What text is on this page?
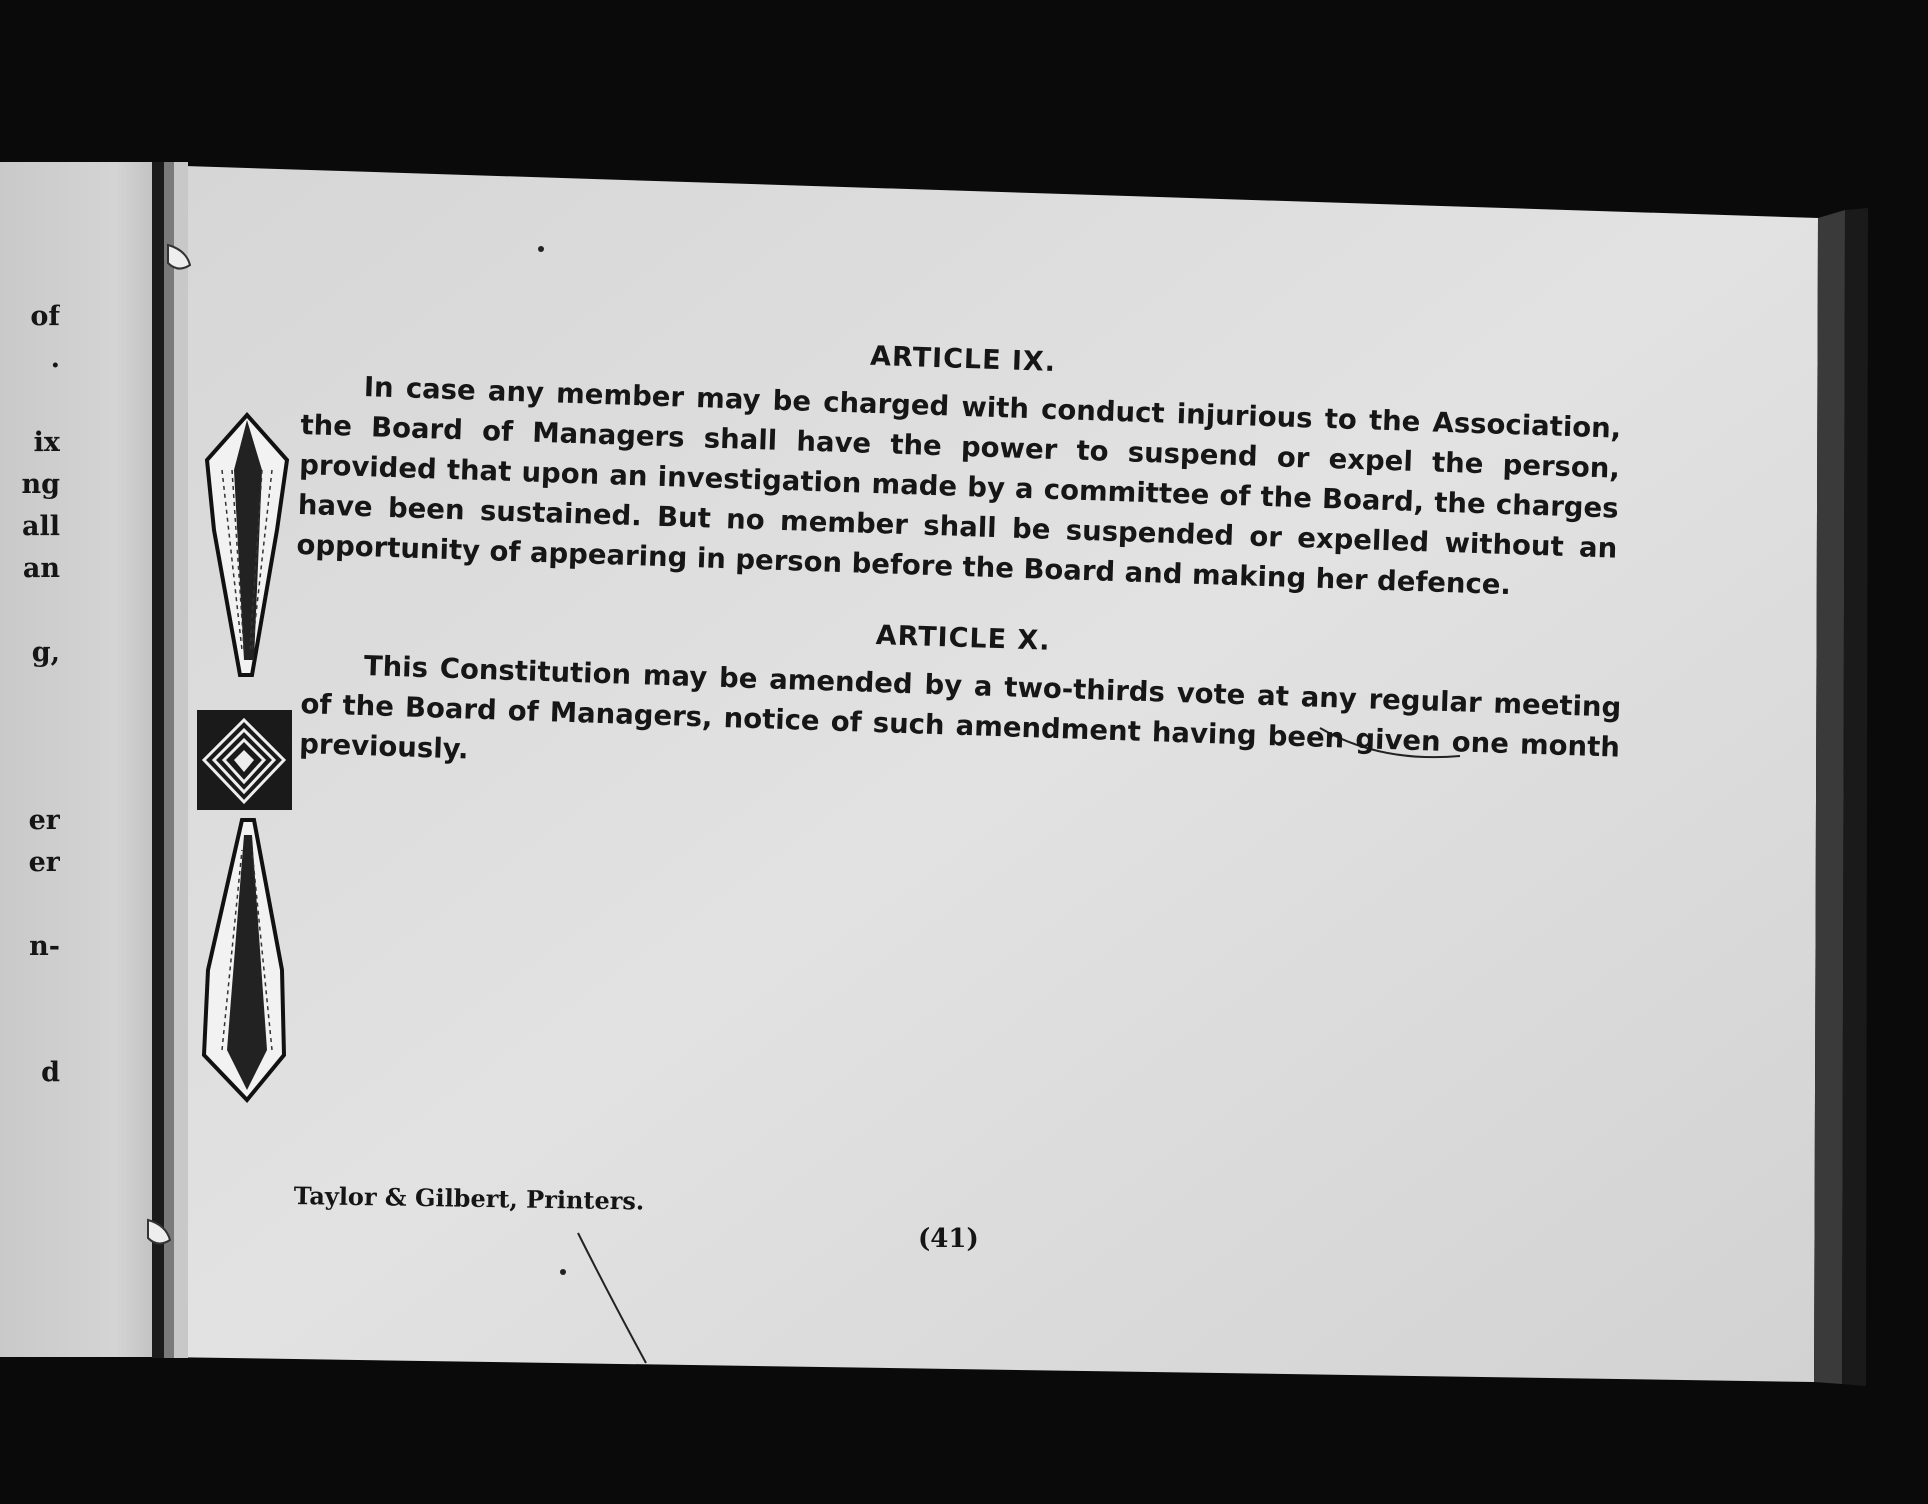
of
.

ix
ng
all
an

g,

er
er

n-

d

ARTICLE IX.

In case any member may be charged with conduct injurious to the Association, the Board of Managers shall have the power to suspend or expel the person, provided that upon an investigation made by a committee of the Board, the charges have been sustained. But no member shall be suspended or expelled without an opportunity of appearing in person before the Board and making her defence.

ARTICLE X.

This Constitution may be amended by a two-thirds vote at any regular meeting of the Board of Managers, notice of such amendment having been given one month previously.

Taylor & Gilbert, Printers.
(41)
